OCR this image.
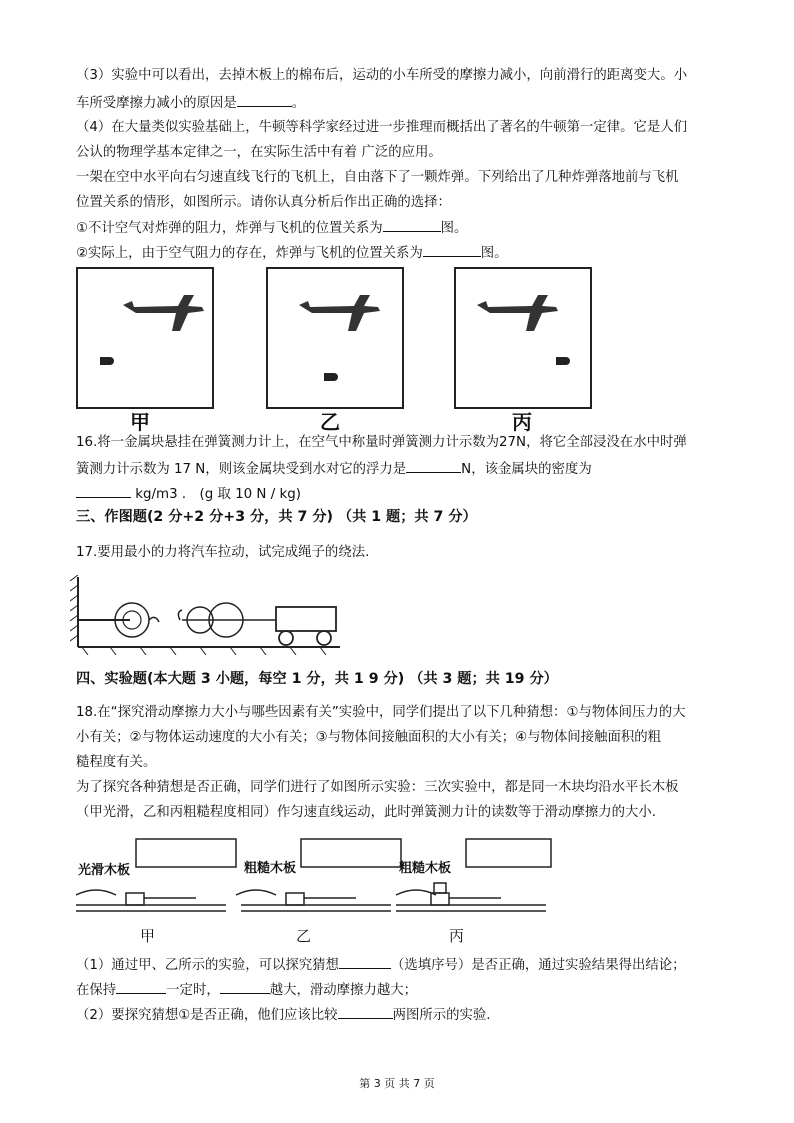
（3）实验中可以看出，去掉木板上的棉布后，运动的小车所受的摩擦力减小，向前滑行的距离变大。小
车所受摩擦力减小的原因是	。
（4）在大量类似实验基础上，牛顿等科学家经过进一步推理而概括出了著名的牛顿第一定律。它是人们
公认的物理学基本定律之一，在实际生活中有着 广泛的应用。
一架在空中水平向右匀速直线飞行的飞机上，自由落下了一颗炸弹。下列给出了几种炸弹落地前与飞机
位置关系的情形，如图所示。请你认真分析后作出正确的选择：
①不计空气对炸弹的阻力，炸弹与飞机的位置关系为	图。
②实际上，由于空气阻力的存在，炸弹与飞机的位置关系为	图。
甲	乙	丙
16.将一金属块悬挂在弹簧测力计上，在空气中称量时弹簧测力计示数为27N，将它全部浸没在水中时弹
簧测力计示数为 17 N，则该金属块受到水对它的浮力是	N，该金属块的密度为
kg/m3 ． (g 取 10 N / kg)
三、作图题(2 分+2 分+3 分，共 7 分) （共 1 题；共 7 分）
17.要用最小的力将汽车拉动，试完成绳子的绕法.
四、实验题(本大题 3 小题，每空 1 分，共 1 9 分) （共 3 题；共 19 分）
18.在“探究滑动摩擦力大小与哪些因素有关”实验中，同学们提出了以下几种猜想：①与物体间压力的大
小有关；②与物体运动速度的大小有关；③与物体间接触面积的大小有关；④与物体间接触面积的粗
糙程度有关。
为了探究各种猜想是否正确，同学们进行了如图所示实验：三次实验中，都是同一木块均沿水平长木板
（甲光滑，乙和丙粗糙程度相同）作匀速直线运动，此时弹簧测力计的读数等于滑动摩擦力的大小.
光滑木板	粗糙木板	粗糙木板
甲	乙	丙
（1）通过甲、乙所示的实验，可以探究猜想	（选填序号）是否正确，通过实验结果得出结论；
在保持	一定时，	越大，滑动摩擦力越大；
（2）要探究猜想①是否正确，他们应该比较	两图所示的实验.
第 3 页 共 7 页
